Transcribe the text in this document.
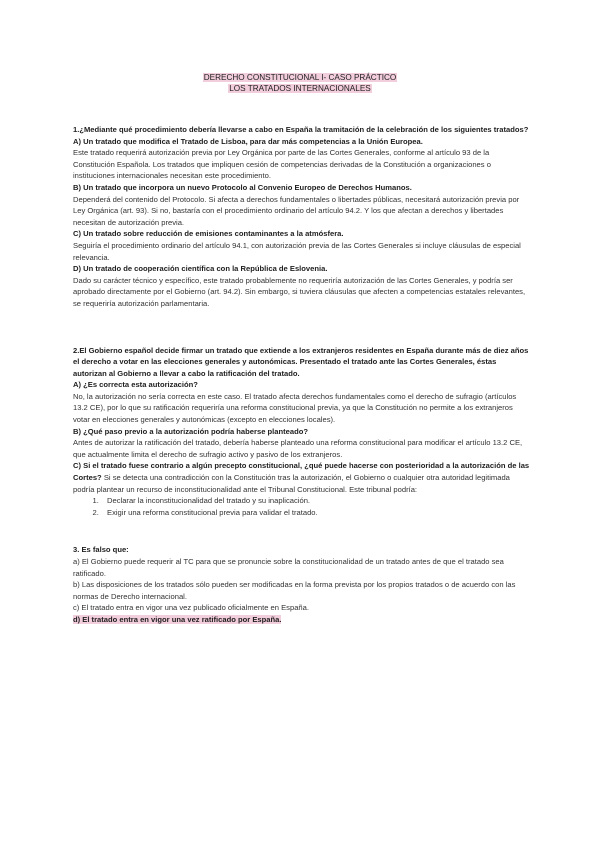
DERECHO CONSTITUCIONAL I- CASO PRÁCTICO
LOS TRATADOS INTERNACIONALES

1.¿Mediante qué procedimiento debería llevarse a cabo en España la tramitación de la celebración de los siguientes tratados?

A) Un tratado que modifica el Tratado de Lisboa, para dar más competencias a la Unión Europea.

Este tratado requerirá autorización previa por Ley Orgánica por parte de las Cortes Generales, conforme al artículo 93 de la Constitución Española. Los tratados que impliquen cesión de competencias derivadas de la Constitución a organizaciones o instituciones internacionales necesitan este procedimiento.

B) Un tratado que incorpora un nuevo Protocolo al Convenio Europeo de Derechos Humanos.

Dependerá del contenido del Protocolo. Si afecta a derechos fundamentales o libertades públicas, necesitará autorización previa por Ley Orgánica (art. 93). Si no, bastaría con el procedimiento ordinario del artículo 94.2. Y los que afectan a derechos y libertades necesitan de autorización previa.

C) Un tratado sobre reducción de emisiones contaminantes a la atmósfera.

Seguiría el procedimiento ordinario del artículo 94.1, con autorización previa de las Cortes Generales si incluye cláusulas de especial relevancia.

D) Un tratado de cooperación científica con la República de Eslovenia.

Dado su carácter técnico y específico, este tratado probablemente no requeriría autorización de las Cortes Generales, y podría ser aprobado directamente por el Gobierno (art. 94.2). Sin embargo, si tuviera cláusulas que afecten a competencias estatales relevantes, se requeriría autorización parlamentaria.

2.El Gobierno español decide firmar un tratado que extiende a los extranjeros residentes en España durante más de diez años el derecho a votar en las elecciones generales y autonómicas. Presentado el tratado ante las Cortes Generales, éstas autorizan al Gobierno a llevar a cabo la ratificación del tratado.

A) ¿Es correcta esta autorización?

No, la autorización no sería correcta en este caso. El tratado afecta derechos fundamentales como el derecho de sufragio (artículos 13.2 CE), por lo que su ratificación requeriría una reforma constitucional previa, ya que la Constitución no permite a los extranjeros votar en elecciones generales y autonómicas (excepto en elecciones locales).

B) ¿Qué paso previo a la autorización podría haberse planteado?

Antes de autorizar la ratificación del tratado, debería haberse planteado una reforma constitucional para modificar el artículo 13.2 CE, que actualmente limita el derecho de sufragio activo y pasivo de los extranjeros.

C) Si el tratado fuese contrario a algún precepto constitucional, ¿qué puede hacerse con posterioridad a la autorización de las Cortes? Si se detecta una contradicción con la Constitución tras la autorización, el Gobierno o cualquier otra autoridad legitimada podría plantear un recurso de inconstitucionalidad ante el Tribunal Constitucional. Este tribunal podría:

1. Declarar la inconstitucionalidad del tratado y su inaplicación.
2. Exigir una reforma constitucional previa para validar el tratado.

3. Es falso que:

a) El Gobierno puede requerir al TC para que se pronuncie sobre la constitucionalidad de un tratado antes de que el tratado sea ratificado.

b) Las disposiciones de los tratados sólo pueden ser modificadas en la forma prevista por los propios tratados o de acuerdo con las normas de Derecho internacional.

c) El tratado entra en vigor una vez publicado oficialmente en España.

d) El tratado entra en vigor una vez ratificado por España.
